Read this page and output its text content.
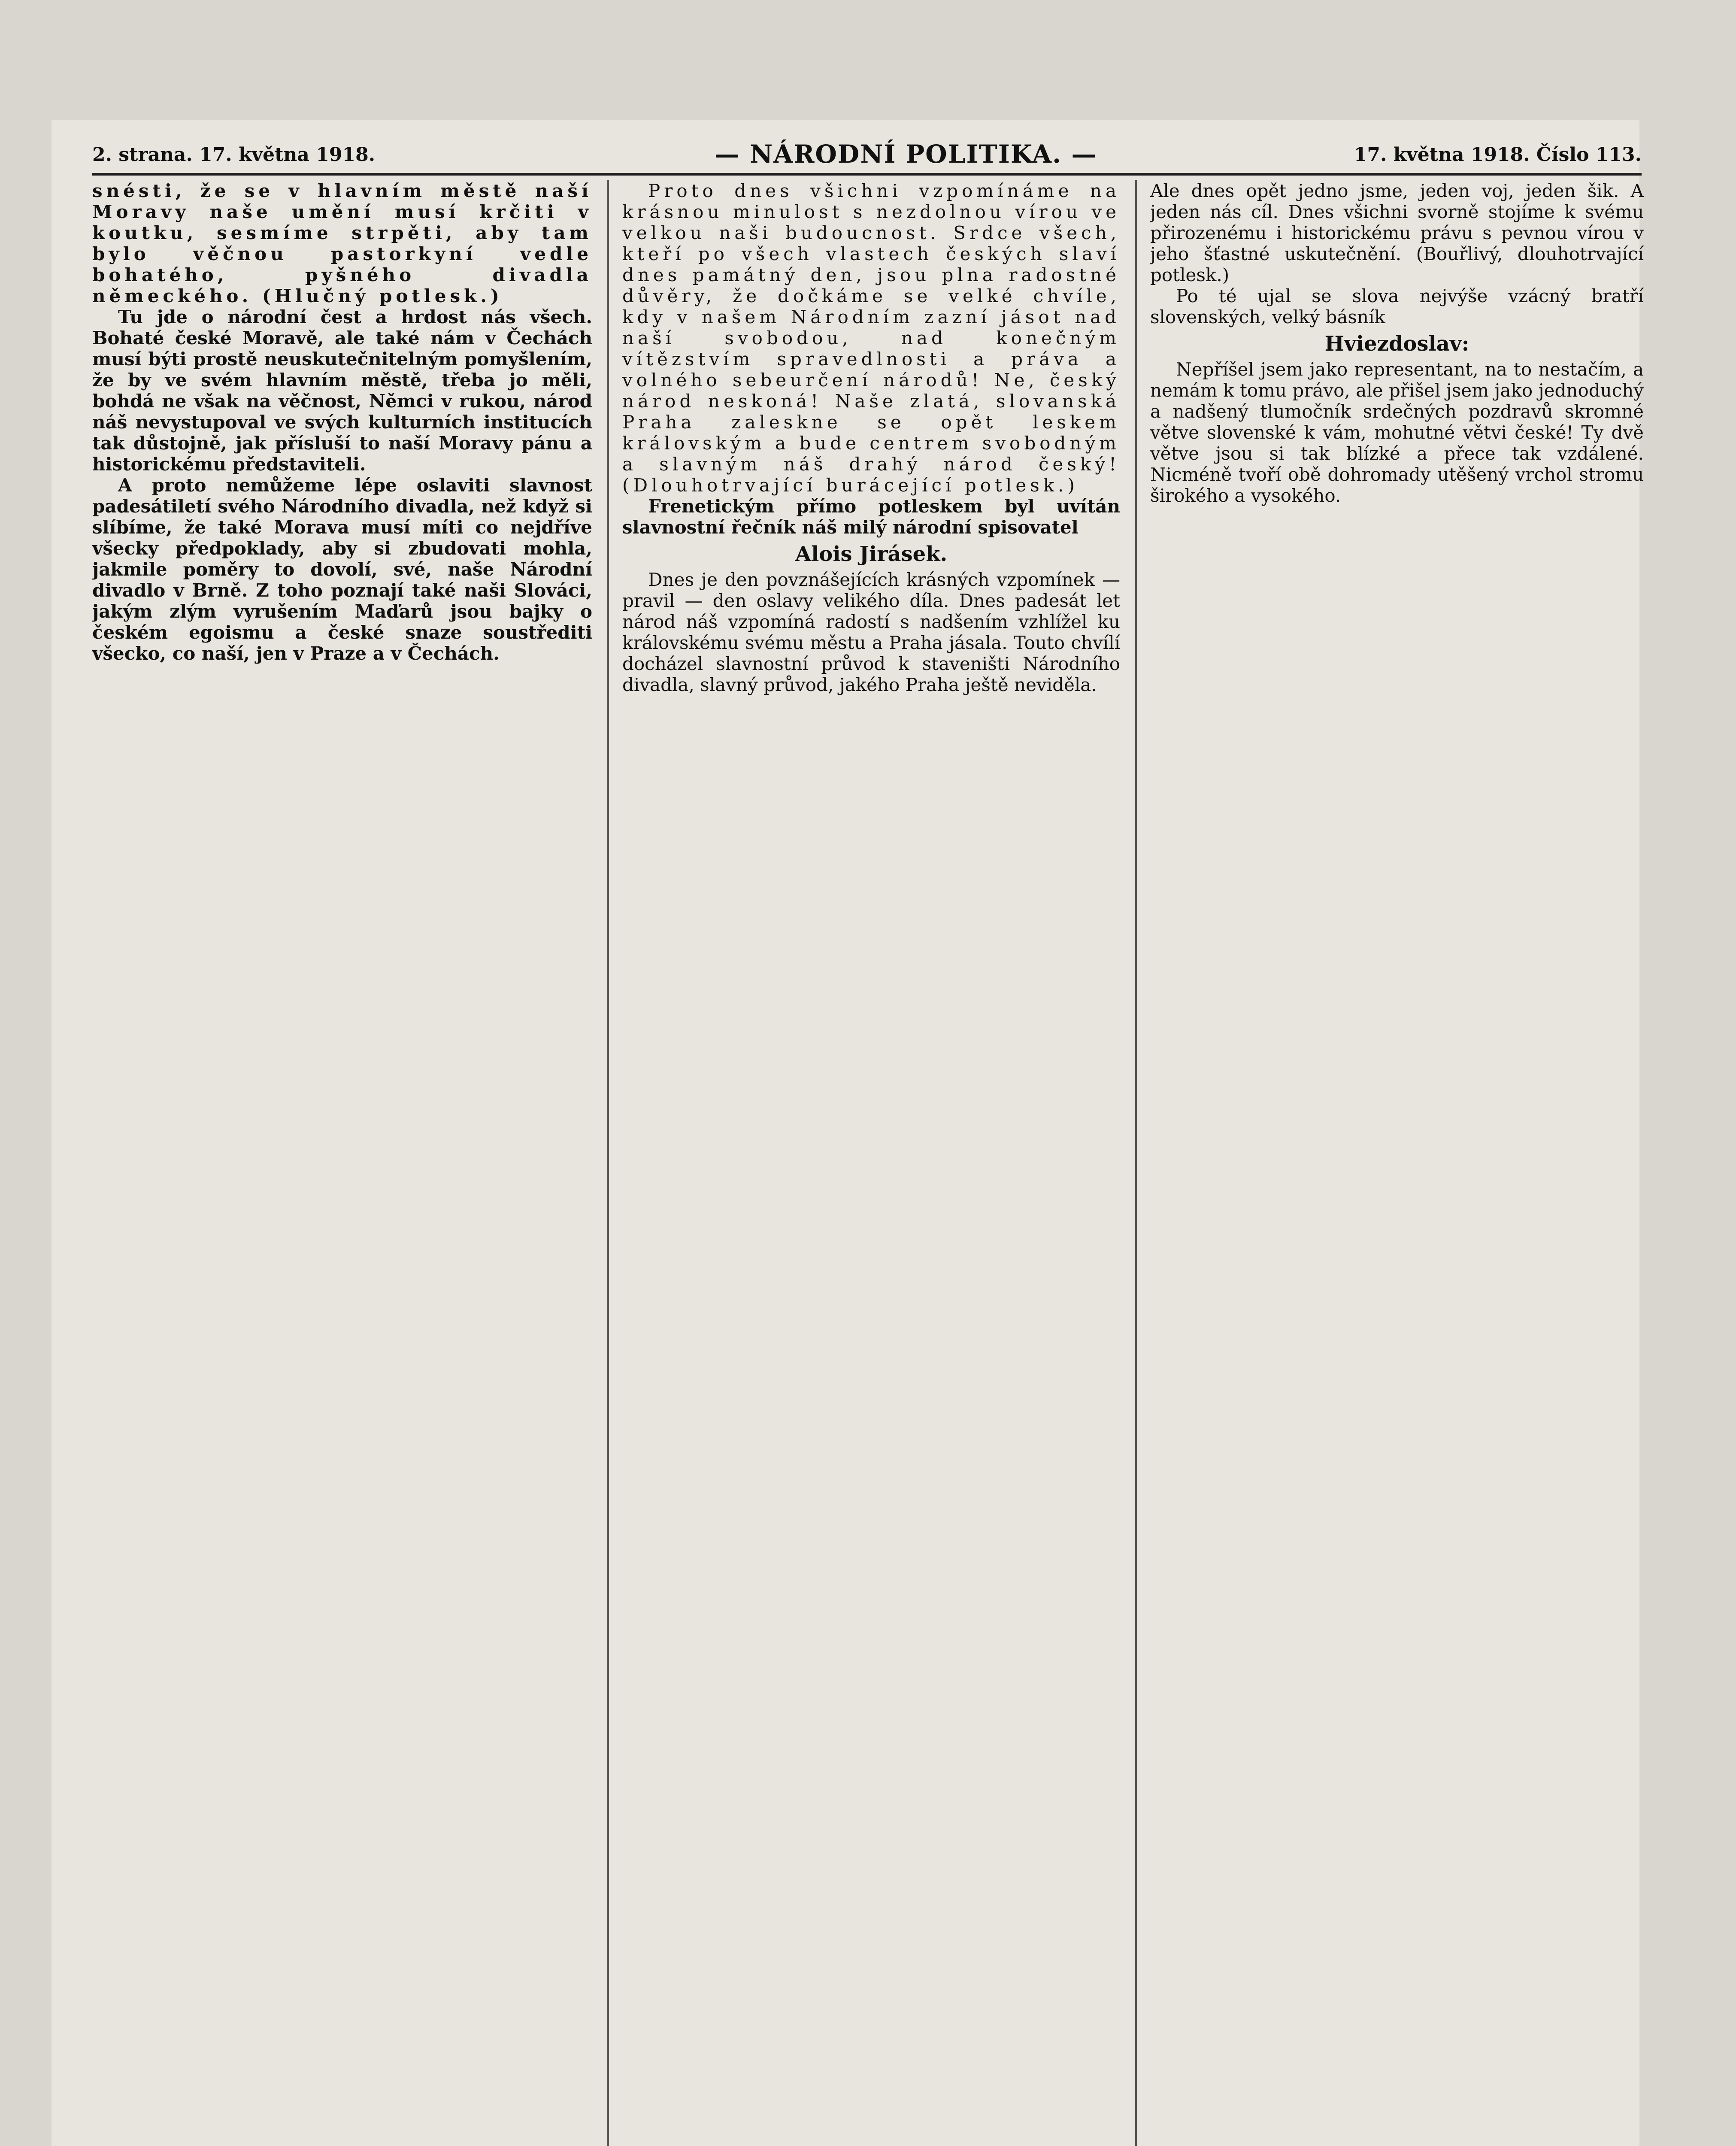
2. strana. 17. května 1918.	— NÁRODNÍ POLITIKA. —	17. května 1918. Číslo 113.

snésti, že se v hlavním městě naší Moravy naše umění musí krčiti v koutku, sesmíme strpěti, aby tam bylo věčnou pastorkyní vedle bohatého, pyšného divadla německého. (Hlučný potlesk.)

Tu jde o národní čest a hrdost nás všech. Bohaté české Moravě, ale také nám v Čechách musí býti prostě neuskutečnitelným pomyšlením, že by ve svém hlavním městě, třeba jo měli, bohdá ne však na věčnost, Němci v rukou, národ náš nevystupoval ve svých kulturních institucích tak důstojně, jak přísluší to naší Moravy pánu a historickému představiteli.

A proto nemůžeme lépe oslaviti slavnost padesátiletí svého Národního divadla, než když si slíbíme, že také Morava musí míti co nejdříve všecky předpoklady, aby si zbudovati mohla, jakmile poměry to dovolí, své, naše Národní divadlo v Brně. Z toho poznají také naši Slováci, jakým zlým vyrušením Maďarů jsou bajky o českém egoismu a české snaze soustřediti všecko, co naší, jen v Praze a v Čechách.

Proto dnes všichni vzpomínáme na krásnou minulost s nezdolnou vírou ve velkou naši budoucnost. Srdce všech, kteří po všech vlastech českých slaví dnes památný den, jsou plna radostné důvěry, že dočkáme se velké chvíle, kdy v našem Národním zazní jásot nad naší svobodou, nad konečným vítězstvím spravedlnosti a práva a volného sebeurčení národů! Ne, český národ neskoná! Naše zlatá, slovanská Praha zaleskne se opět leskem královským a bude centrem svobodným a slavným náš drahý národ český! (Dlouhotrvající burácející potlesk.)

Frenetickým přímo potleskem byl uvítán slavnostní řečník náš milý národní spisovatel

Alois Jirásek.

Dnes je den povznášejících krásných vzpomínek — pravil — den oslavy velikého díla. Dnes padesát let národ náš vzpomíná radostí s nadšením vzhlížel ku královskému svému městu a Praha jásala. Touto chvílí docházel slavnostní průvod k staveništi Národního divadla, slavný průvod, jakého Praha ještě neviděla.

Ale dnes opět jedno jsme, jeden voj, jeden šik. A jeden nás cíl. Dnes všichni svorně stojíme k svému přirozenému i historickému právu s pevnou vírou v jeho šťastné uskutečnění. (Bouřlivý, dlouhotrvající potlesk.)

Po té ujal se slova nejvýše vzácný bratří slovenských, velký básník

Hviezdoslav:

Nepříšel jsem jako representant, na to nestačím, a nemám k tomu právo, ale přišel jsem jako jednoduchý a nadšený tlumočník srdečných pozdravů skromné větve slovenské k vám, mohutné větvi české! Ty dvě větve jsou si tak blízké a přece tak vzdálené. Nicméně tvoří obě dohromady utěšený vrchol stromu širokého a vysokého.
